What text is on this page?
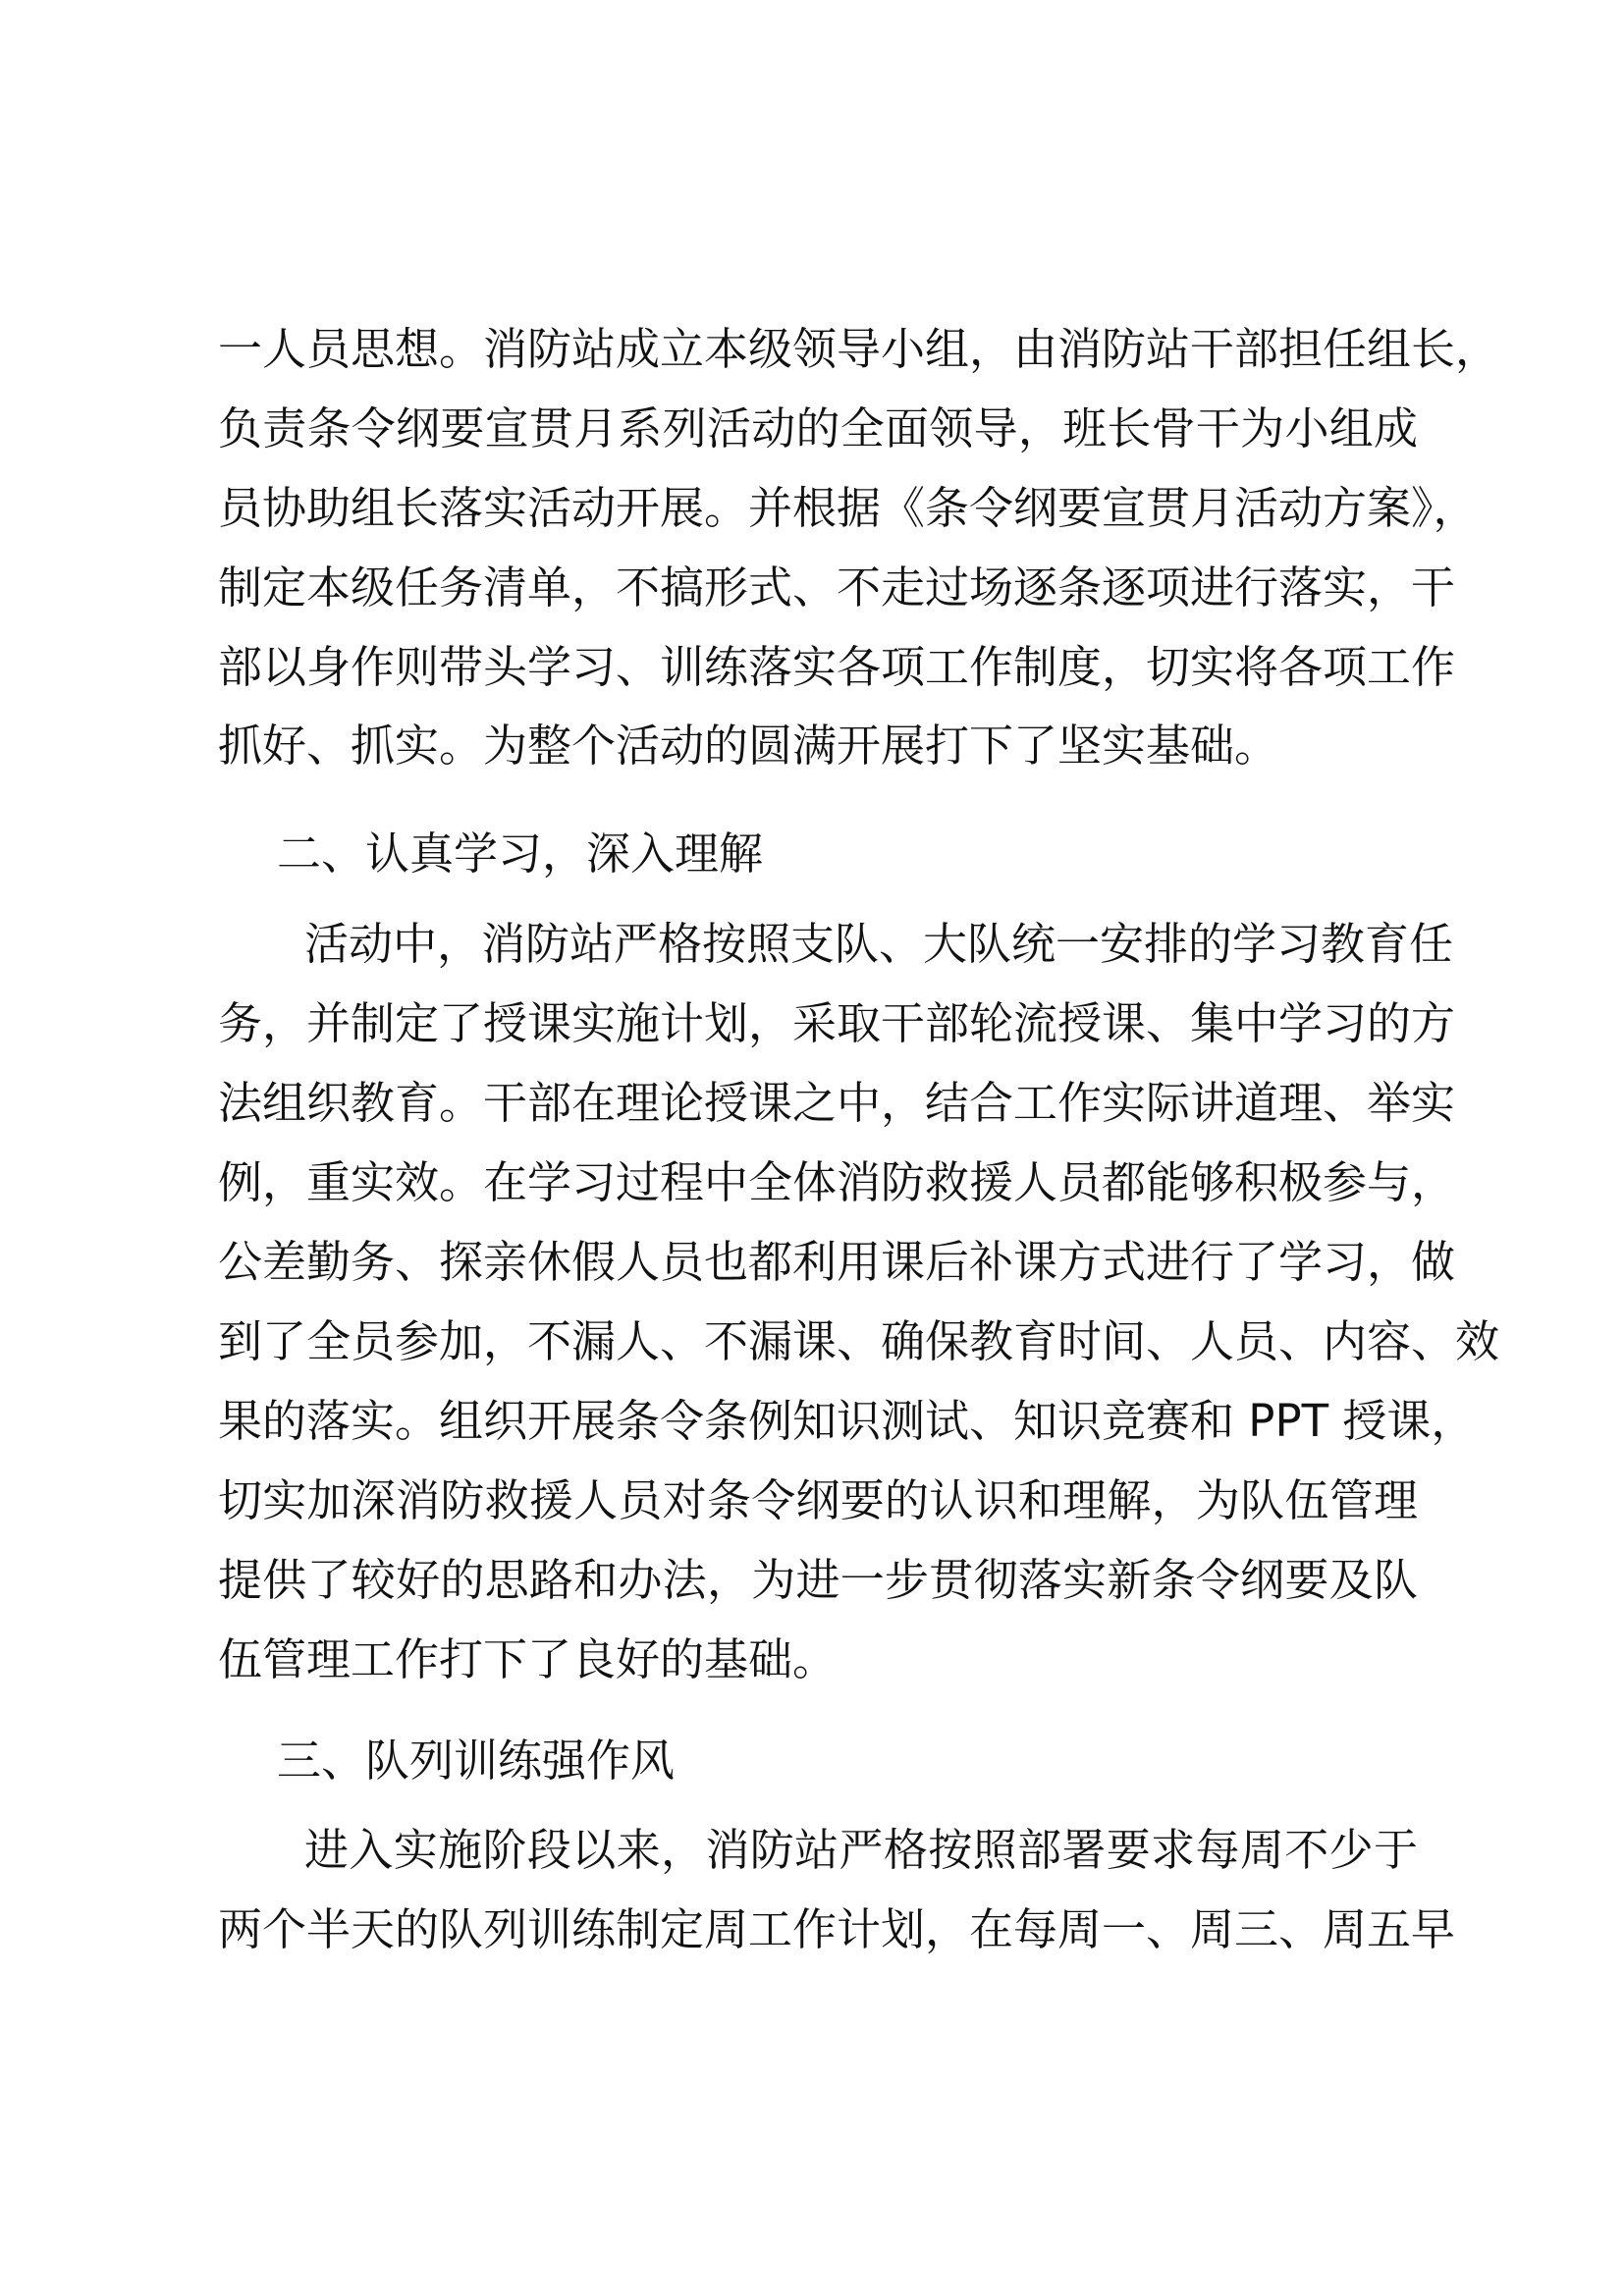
一人员思想。消防站成立本级领导小组，由消防站干部担任组长，
负责条令纲要宣贯月系列活动的全面领导，班长骨干为小组成
员协助组长落实活动开展。并根据《条令纲要宣贯月活动方案》，
制定本级任务清单，不搞形式、不走过场逐条逐项进行落实，干
部以身作则带头学习、训练落实各项工作制度，切实将各项工作
抓好、抓实。为整个活动的圆满开展打下了坚实基础。
二、认真学习，深入理解
活动中，消防站严格按照支队、大队统一安排的学习教育任
务，并制定了授课实施计划，采取干部轮流授课、集中学习的方
法组织教育。干部在理论授课之中，结合工作实际讲道理、举实
例，重实效。在学习过程中全体消防救援人员都能够积极参与，
公差勤务、探亲休假人员也都利用课后补课方式进行了学习，做
到了全员参加，不漏人、不漏课、确保教育时间、人员、内容、效
果的落实。组织开展条令条例知识测试、知识竞赛和 PPT 授课，
切实加深消防救援人员对条令纲要的认识和理解，为队伍管理
提供了较好的思路和办法，为进一步贯彻落实新条令纲要及队
伍管理工作打下了良好的基础。
三、队列训练强作风
进入实施阶段以来，消防站严格按照部署要求每周不少于
两个半天的队列训练制定周工作计划，在每周一、周三、周五早
